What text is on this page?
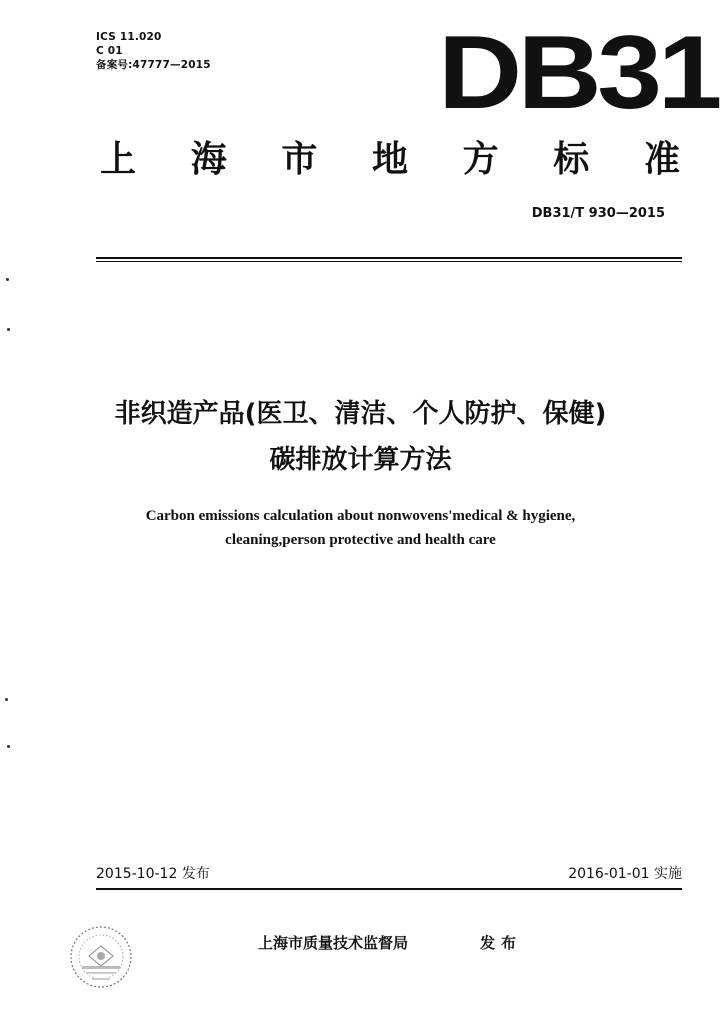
ICS 11.020
C 01
备案号:47777—2015 DB31
上 海 市 地 方 标 准
DB31/T 930—2015
非织造产品(医卫、清洁、个人防护、保健)
碳排放计算方法
Carbon emissions calculation about nonwovens'medical & hygiene,
cleaning,person protective and health care
2015-10-12 发布	2016-01-01 实施
上海市质量技术监督局	发布
